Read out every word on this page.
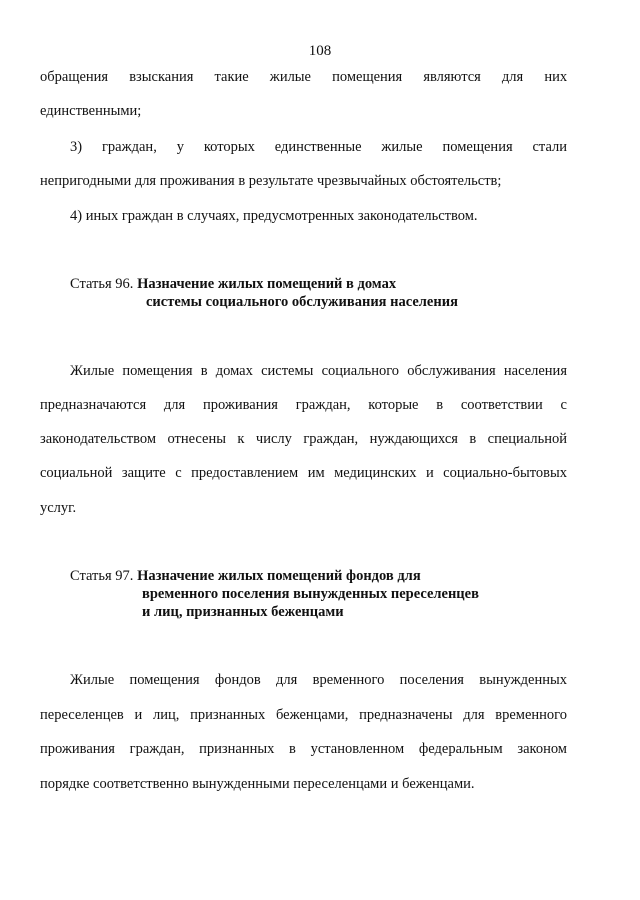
108
обращения взыскания такие жилые помещения являются для них
единственными;
3) граждан, у которых единственные жилые помещения стали
непригодными для проживания в результате чрезвычайных обстоятельств;
4) иных граждан в случаях, предусмотренных законодательством.
Статья 96. Назначение жилых помещений в домах
системы социального обслуживания населения
Жилые помещения в домах системы социального обслуживания населения
предназначаются для проживания граждан, которые в соответствии с
законодательством отнесены к числу граждан, нуждающихся в специальной
социальной защите с предоставлением им медицинских и социально-бытовых
услуг.
Статья 97. Назначение жилых помещений фондов для
временного поселения вынужденных переселенцев
и лиц, признанных беженцами
Жилые помещения фондов для временного поселения вынужденных
переселенцев и лиц, признанных беженцами, предназначены для временного
проживания граждан, признанных в установленном федеральным законом
порядке соответственно вынужденными переселенцами и беженцами.
